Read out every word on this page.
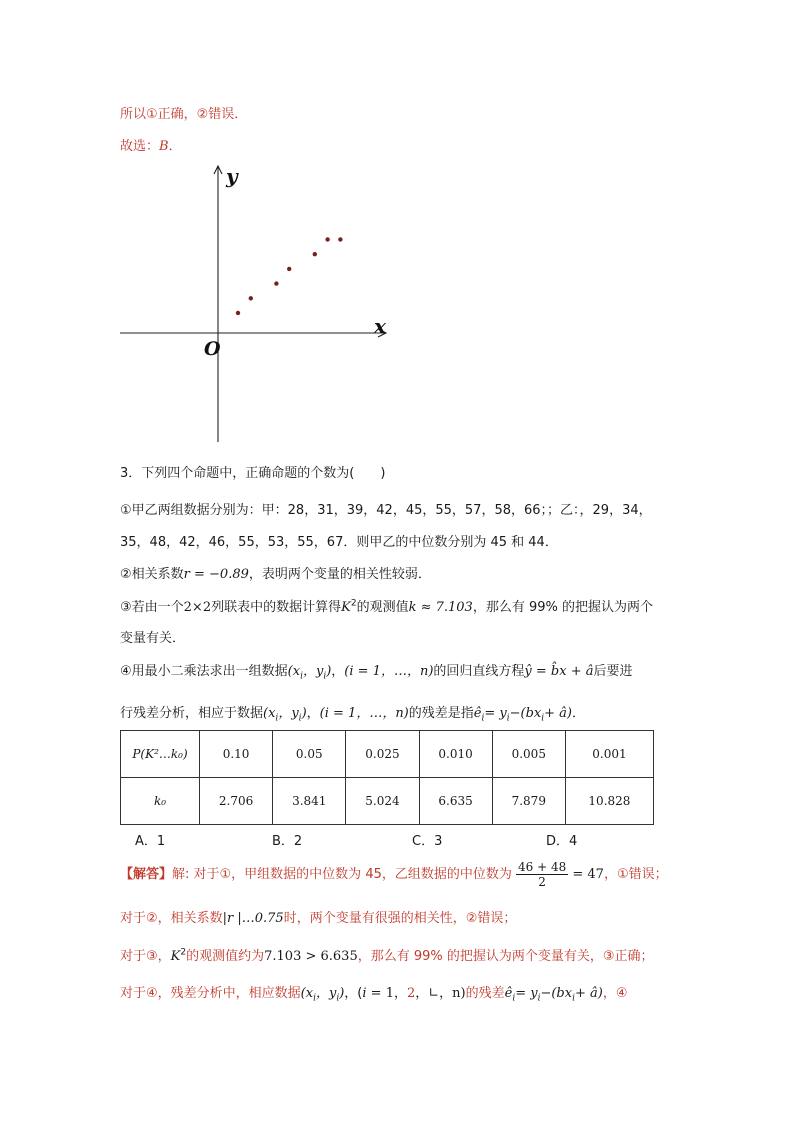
所以①正确，②错误．
故选：B．
y
x
O
3．下列四个命题中，正确命题的个数为(　　)
①甲乙两组数据分别为：甲：28，31，39，42，45，55，57，58，66；；乙：，29，34，
35，48，42，46，55，53，55，67．则甲乙的中位数分别为 45 和 44．
②相关系数r = −0.89，表明两个变量的相关性较弱．
③若由一个2×2列联表中的数据计算得$K^2$的观测值k ≈ 7.103，那么有 99% 的把握认为两个
变量有关．
④用最小二乘法求出一组数据($x_i$，$y_i$)，(i = 1，…，n)的回归直线方程ŷ = b̂x + â后要进
行残差分析，相应于数据($x_i$，$y_i$)，(i = 1，…，n)的残差是指$ê_i= y_i-(bx_i+$ â)．
P(K²…k₀)	0.10	0.05	0.025	0.010	0.005	0.001
k₀	2.706	3.841	5.024	6.635	7.879	10.828
A．1	B．2	C．3	D．4
【解答】解: 对于①，甲组数据的中位数为 45，乙组数据的中位数为 $\frac{46 + 48}{2} = 47$，①错误；
对于②，相关系数|r |…0.75时，两个变量有很强的相关性，②错误；
对于③，$K^2$的观测值约为7.103 > 6.635，那么有 99% 的把握认为两个变量有关，③正确；
对于④，残差分析中，相应数据($x_i$，$y_i$)，(i = 1，2，∟，n)的残差$ê_i= y_i-(bx_i+$ â)，④
